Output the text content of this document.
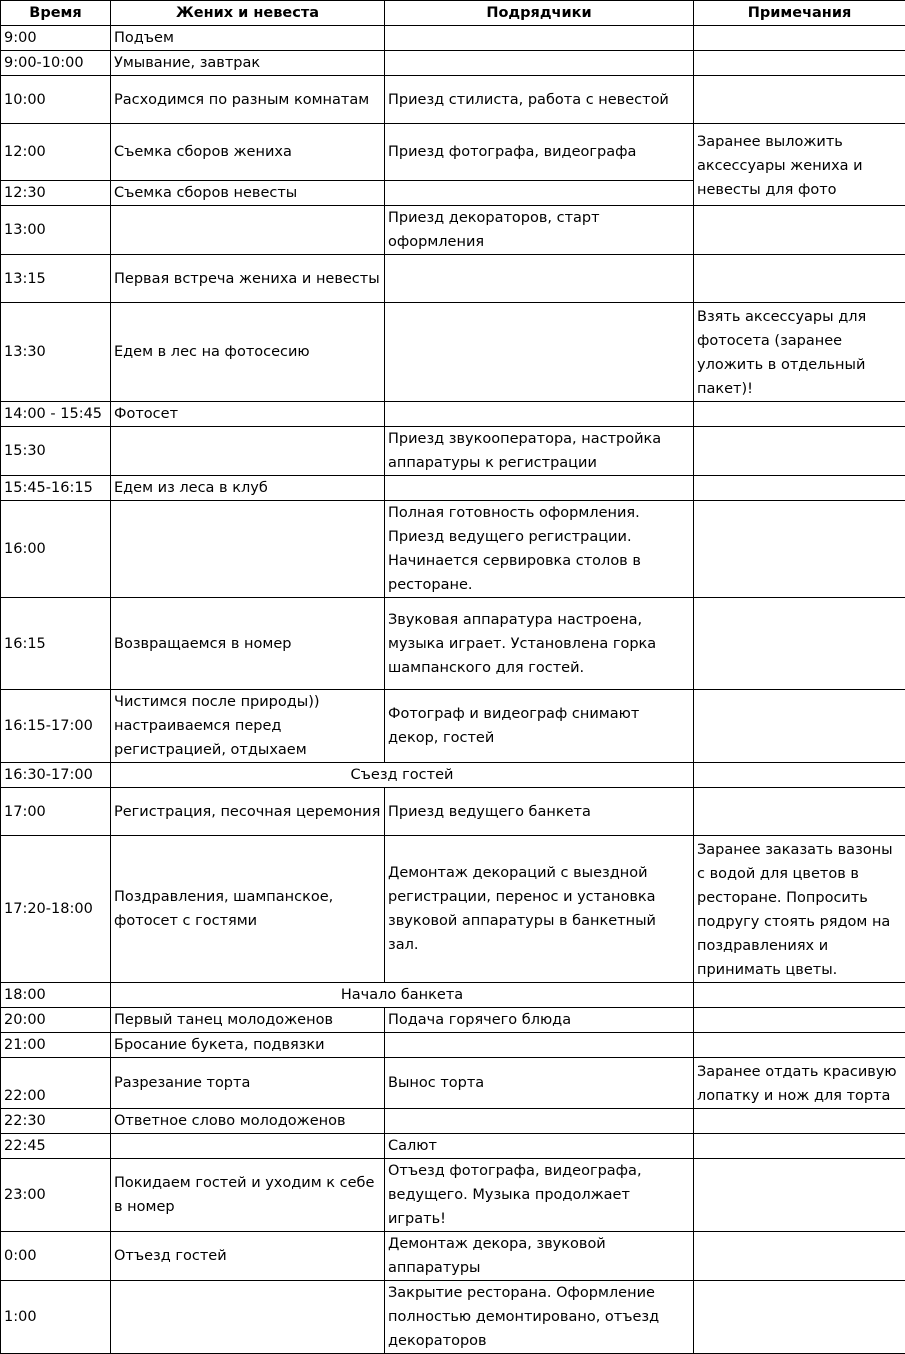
Время	Жених и невеста	Подрядчики	Примечания
9:00	Подъем		
9:00-10:00	Умывание, завтрак		
10:00	Расходимся по разным комнатам	Приезд стилиста, работа с невестой	
12:00	Съемка сборов жениха	Приезд фотографа, видеографа	Заранее выложить аксессуары жениха и невесты для фото
12:30	Съемка сборов невесты		
13:00		Приезд декораторов, старт оформления	
13:15	Первая встреча жениха и невесты		
13:30	Едем в лес на фотосесию		Взять аксессуары для фотосета (заранее уложить в отдельный пакет)!
14:00 - 15:45	Фотосет		
15:30		Приезд звукооператора, настройка аппаратуры к регистрации	
15:45-16:15	Едем из леса в клуб		
16:00		Полная готовность оформления. Приезд ведущего регистрации. Начинается сервировка столов в ресторане.	
16:15	Возвращаемся в номер	Звуковая аппаратура настроена, музыка играет. Установлена горка шампанского для гостей.	
16:15-17:00	Чистимся после природы)) настраиваемся перед регистрацией, отдыхаем	Фотограф и видеограф снимают декор, гостей	
16:30-17:00	Съезд гостей		
17:00	Регистрация, песочная церемония	Приезд ведущего банкета	
17:20-18:00	Поздравления, шампанское, фотосет с гостями	Демонтаж декораций с выездной регистрации, перенос и установка звуковой аппаратуры в банкетный зал.	Заранее заказать вазоны с водой для цветов в ресторане. Попросить подругу стоять рядом на поздравлениях и принимать цветы.
18:00	Начало банкета		
20:00	Первый танец молодоженов	Подача горячего блюда	
21:00	Бросание букета, подвязки		
22:00	Разрезание торта	Вынос торта	Заранее отдать красивую лопатку и нож для торта
22:30	Ответное слово молодоженов		
22:45		Салют	
23:00	Покидаем гостей и уходим к себе в номер	Отъезд фотографа, видеографа, ведущего. Музыка продолжает играть!	
0:00	Отъезд гостей	Демонтаж декора, звуковой аппаратуры	
1:00		Закрытие ресторана. Оформление полностью демонтировано, отъезд декораторов	
